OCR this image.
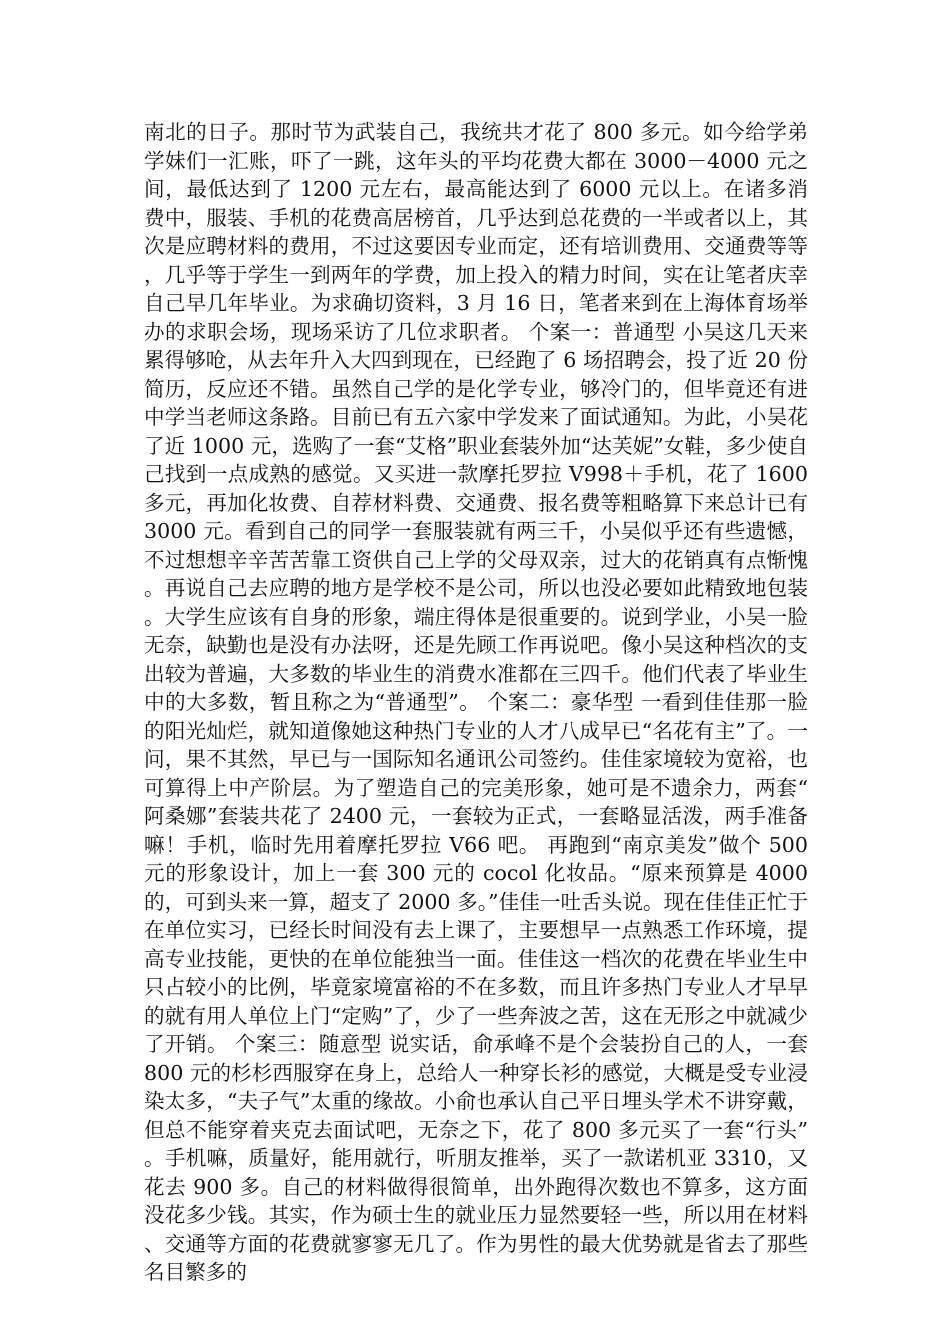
南北的日子。那时节为武装自己，我统共才花了 800 多元。如今给学弟学妹们一汇账，吓了一跳，这年头的平均花费大都在 3000－4000 元之间，最低达到了 1200 元左右，最高能达到了 6000 元以上。在诸多消费中，服装、手机的花费高居榜首，几乎达到总花费的一半或者以上，其次是应聘材料的费用，不过这要因专业而定，还有培训费用、交通费等等，几乎等于学生一到两年的学费，加上投入的精力时间，实在让笔者庆幸自己早几年毕业。为求确切资料，3 月 16 日，笔者来到在上海体育场举办的求职会场，现场采访了几位求职者。 个案一：普通型 小吴这几天来累得够呛，从去年升入大四到现在，已经跑了 6 场招聘会，投了近 20 份简历，反应还不错。虽然自己学的是化学专业，够冷门的，但毕竟还有进中学当老师这条路。目前已有五六家中学发来了面试通知。为此，小吴花了近 1000 元，选购了一套“艾格”职业套装外加“达芙妮”女鞋，多少使自己找到一点成熟的感觉。又买进一款摩托罗拉 V998＋手机，花了 1600 多元，再加化妆费、自荐材料费、交通费、报名费等粗略算下来总计已有 3000 元。看到自己的同学一套服装就有两三千，小吴似乎还有些遗憾，不过想想辛辛苦苦靠工资供自己上学的父母双亲，过大的花销真有点惭愧。再说自己去应聘的地方是学校不是公司，所以也没必要如此精致地包装。大学生应该有自身的形象，端庄得体是很重要的。说到学业，小吴一脸无奈，缺勤也是没有办法呀，还是先顾工作再说吧。像小吴这种档次的支出较为普遍，大多数的毕业生的消费水准都在三四千。他们代表了毕业生中的大多数，暂且称之为“普通型”。 个案二：豪华型 一看到佳佳那一脸的阳光灿烂，就知道像她这种热门专业的人才八成早已“名花有主”了。一问，果不其然，早已与一国际知名通讯公司签约。佳佳家境较为宽裕，也可算得上中产阶层。为了塑造自己的完美形象，她可是不遗余力，两套“阿桑娜”套装共花了 2400 元，一套较为正式，一套略显活泼，两手准备嘛！手机，临时先用着摩托罗拉 V66 吧。 再跑到“南京美发”做个 500 元的形象设计，加上一套 300 元的 cocol 化妆品。“原来预算是 4000 的，可到头来一算，超支了 2000 多。”佳佳一吐舌头说。现在佳佳正忙于在单位实习，已经长时间没有去上课了，主要想早一点熟悉工作环境，提高专业技能，更快的在单位能独当一面。佳佳这一档次的花费在毕业生中只占较小的比例，毕竟家境富裕的不在多数，而且许多热门专业人才早早的就有用人单位上门“定购”了，少了一些奔波之苦，这在无形之中就减少了开销。 个案三：随意型 说实话，俞承峰不是个会装扮自己的人，一套 800 元的杉杉西服穿在身上，总给人一种穿长衫的感觉，大概是受专业浸染太多，“夫子气”太重的缘故。小俞也承认自己平日埋头学术不讲穿戴，但总不能穿着夹克去面试吧，无奈之下，花了 800 多元买了一套“行头”。手机嘛，质量好，能用就行，听朋友推举，买了一款诺机亚 3310，又花去 900 多。自己的材料做得很简单，出外跑得次数也不算多，这方面没花多少钱。其实，作为硕士生的就业压力显然要轻一些，所以用在材料、交通等方面的花费就寥寥无几了。作为男性的最大优势就是省去了那些名目繁多的
